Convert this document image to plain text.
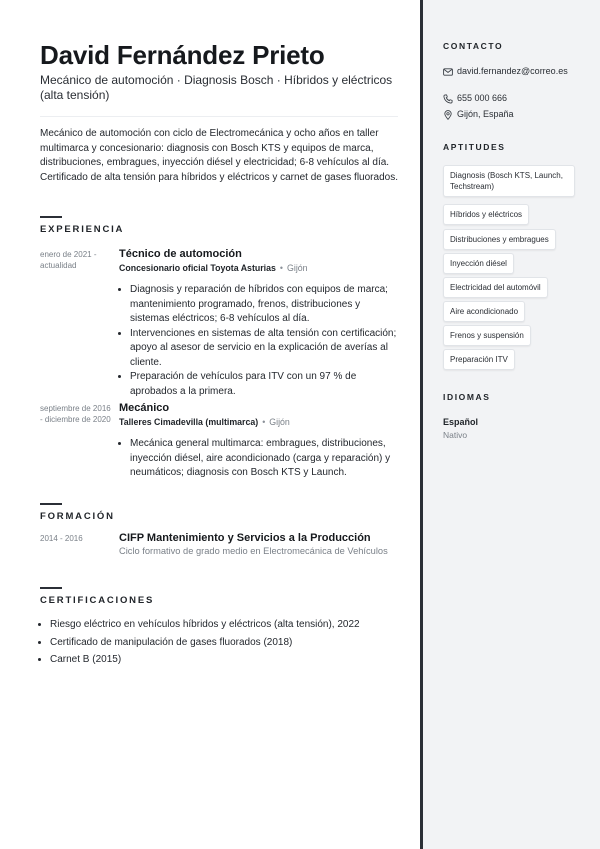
David Fernández Prieto

Mecánico de automoción · Diagnosis Bosch · Híbridos y eléctricos (alta tensión)

Mecánico de automoción con ciclo de Electromecánica y ocho años en taller multimarca y concesionario: diagnosis con Bosch KTS y equipos de marca, distribuciones, embragues, inyección diésel y electricidad; 6-8 vehículos al día. Certificado de alta tensión para híbridos y eléctricos y carnet de gases fluorados.

EXPERIENCIA
enero de 2021 - actualidad
Técnico de automoción
Concesionario oficial Toyota Asturias • Gijón
• Diagnosis y reparación de híbridos con equipos de marca; mantenimiento programado, frenos, distribuciones y sistemas eléctricos; 6-8 vehículos al día.
• Intervenciones en sistemas de alta tensión con certificación; apoyo al asesor de servicio en la explicación de averías al cliente.
• Preparación de vehículos para ITV con un 97 % de aprobados a la primera.
septiembre de 2016 - diciembre de 2020
Mecánico
Talleres Cimadevilla (multimarca) • Gijón
• Mecánica general multimarca: embragues, distribuciones, inyección diésel, aire acondicionado (carga y reparación) y neumáticos; diagnosis con Bosch KTS y Launch.
FORMACIÓN
2014 - 2016	CIFP Mantenimiento y Servicios a la Producción
Ciclo formativo de grado medio en Electromecánica de Vehículos
CERTIFICACIONES
• Riesgo eléctrico en vehículos híbridos y eléctricos (alta tensión), 2022
• Certificado de manipulación de gases fluorados (2018)
• Carnet B (2015)
CONTACTO
david.fernandez@correo.es
655 000 666
Gijón, España
APTITUDES
Diagnosis (Bosch KTS, Launch, Techstream)
Híbridos y eléctricos
Distribuciones y embragues
Inyección diésel
Electricidad del automóvil
Aire acondicionado
Frenos y suspensión
Preparación ITV
IDIOMAS
Español
Nativo
